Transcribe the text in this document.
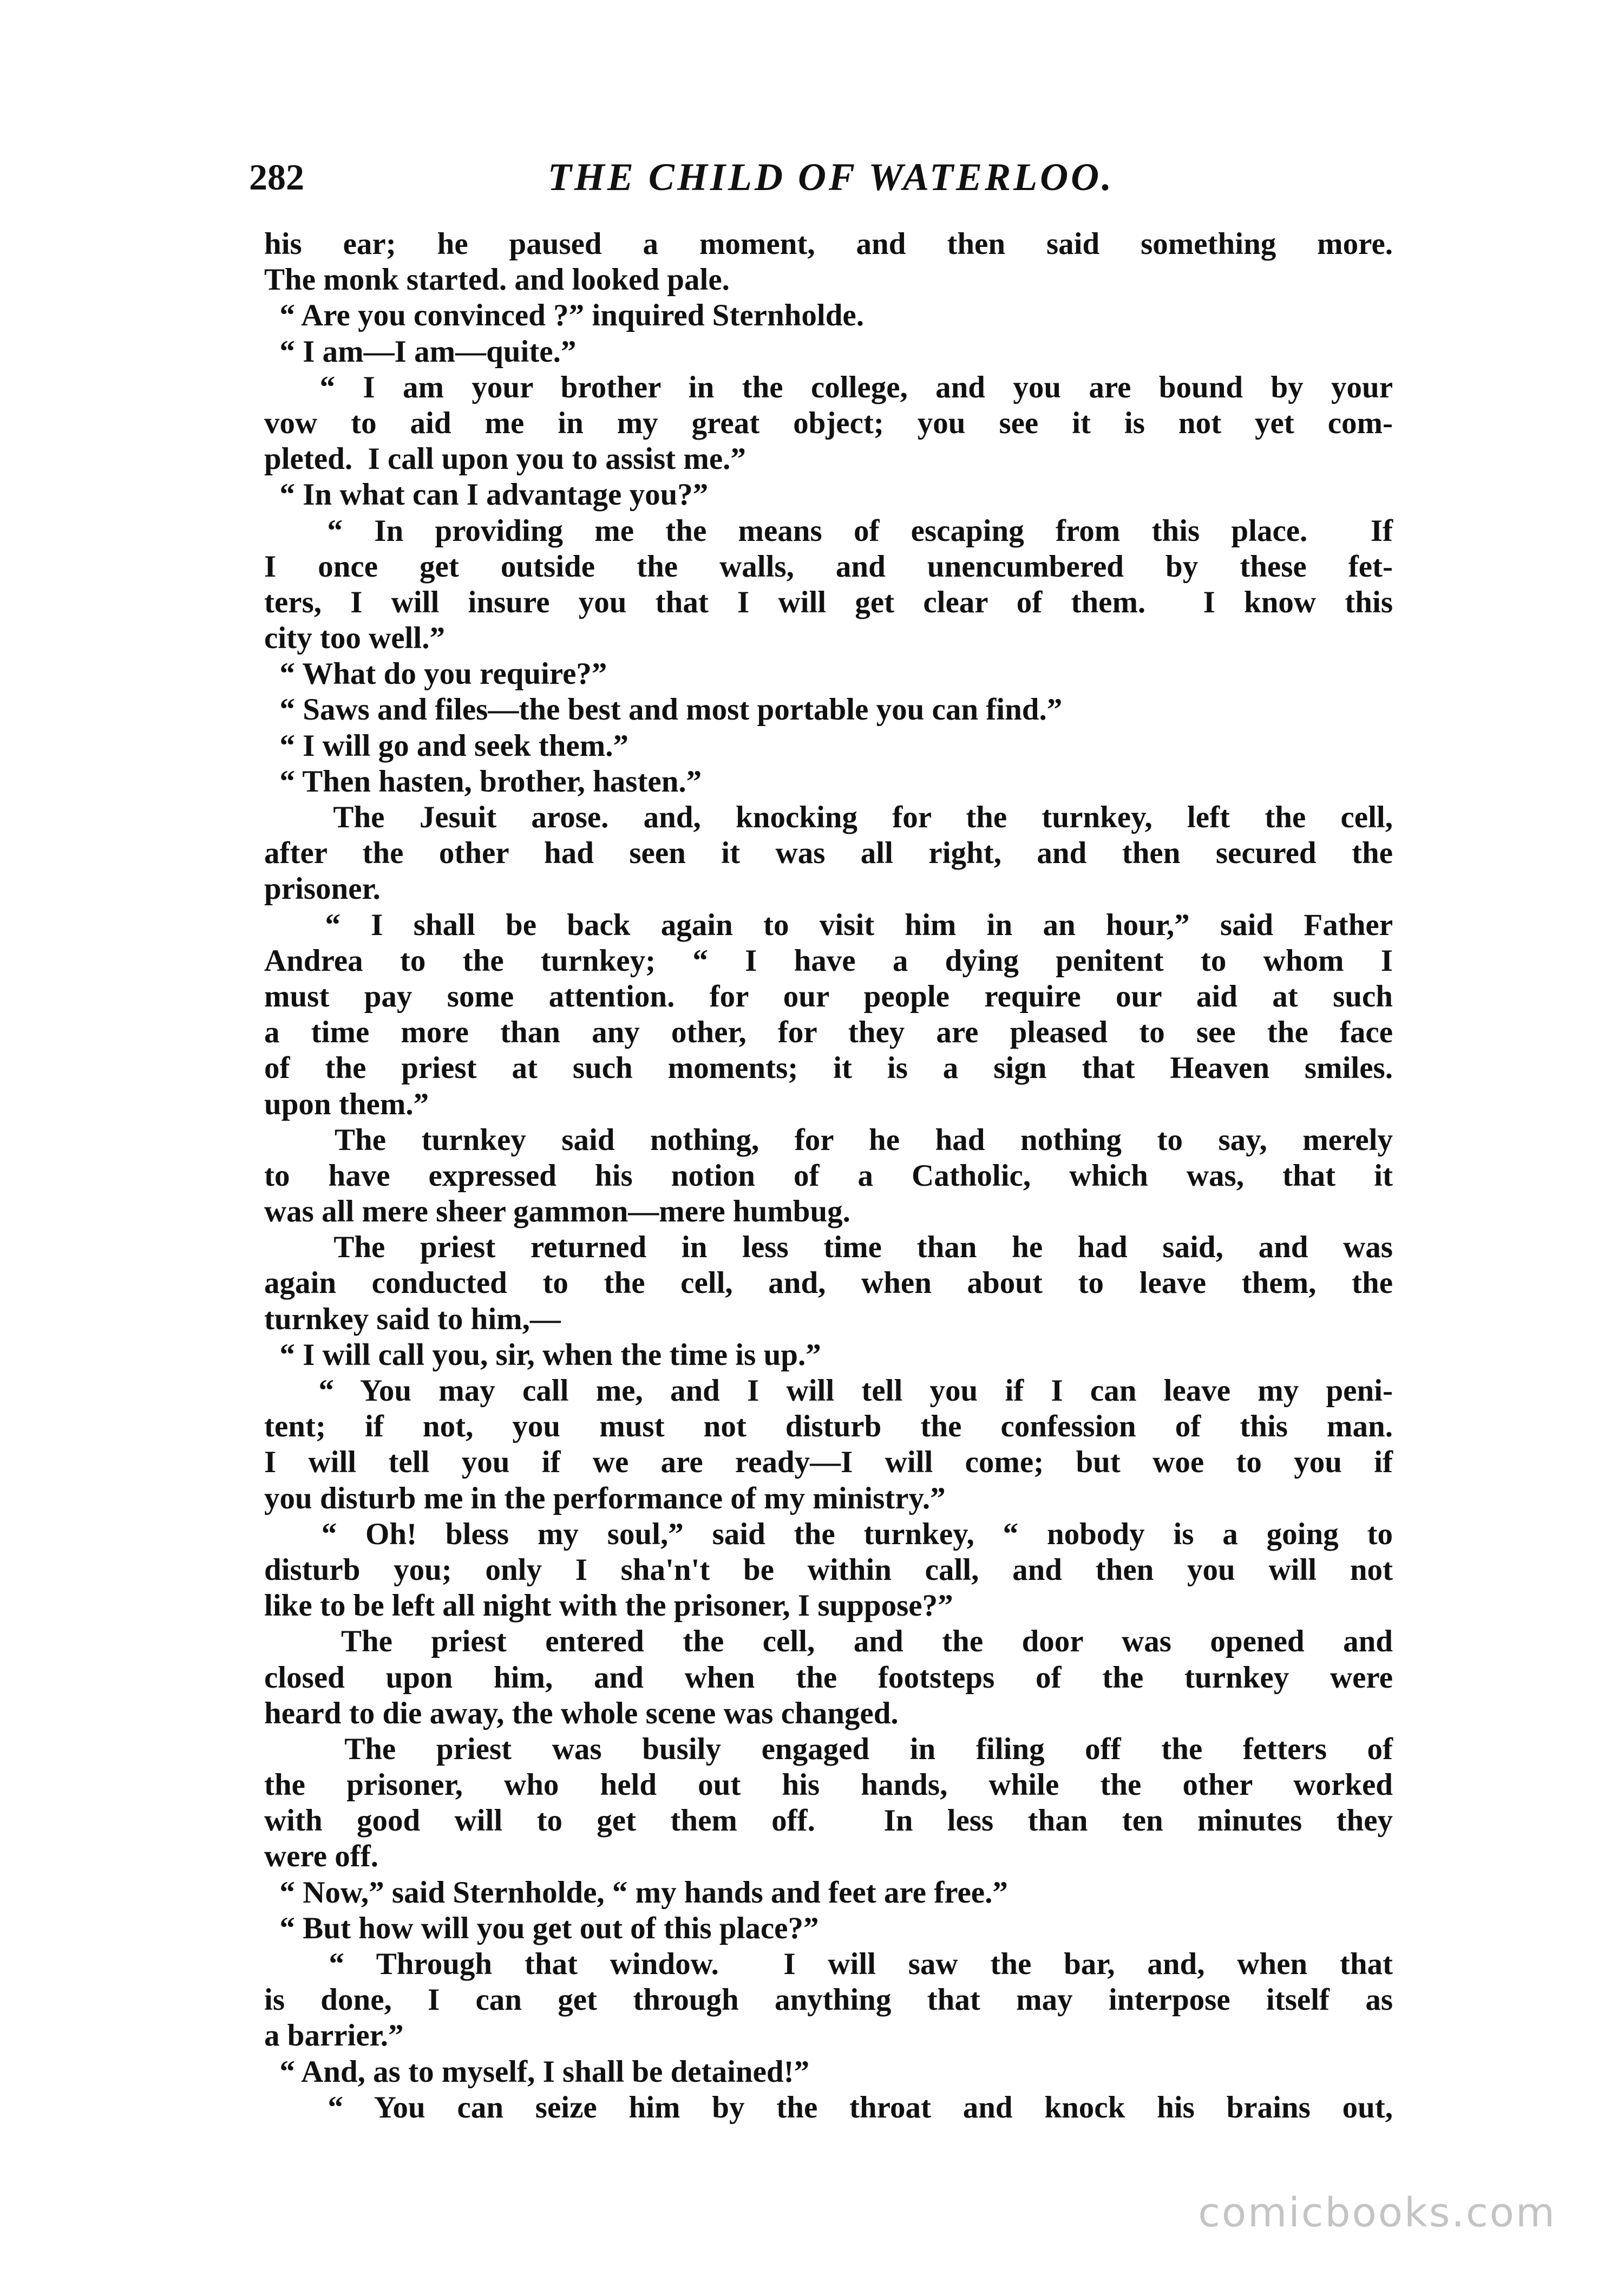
282	THE CHILD OF WATERLOO.
his ear; he paused a moment, and then said something more.
The monk started. and looked pale.
“ Are you convinced ?” inquired Sternholde.
“ I am—I am—quite.”
“ I am your brother in the college, and you are bound by your
vow to aid me in my great object; you see it is not yet com-
pleted.  I call upon you to assist me.”
“ In what can I advantage you?”
“ In providing me the means of escaping from this place.  If
I once get outside the walls, and unencumbered by these fet-
ters, I will insure you that I will get clear of them.  I know this
city too well.”
“ What do you require?”
“ Saws and files—the best and most portable you can find.”
“ I will go and seek them.”
“ Then hasten, brother, hasten.”
The Jesuit arose. and, knocking for the turnkey, left the cell,
after the other had seen it was all right, and then secured the
prisoner.
“ I shall be back again to visit him in an hour,” said Father
Andrea to the turnkey; “ I have a dying penitent to whom I
must pay some attention. for our people require our aid at such
a time more than any other, for they are pleased to see the face
of the priest at such moments; it is a sign that Heaven smiles.
upon them.”
The turnkey said nothing, for he had nothing to say, merely
to have expressed his notion of a Catholic, which was, that it
was all mere sheer gammon—mere humbug.
The priest returned in less time than he had said, and was
again conducted to the cell, and, when about to leave them, the
turnkey said to him,—
“ I will call you, sir, when the time is up.”
“ You may call me, and I will tell you if I can leave my peni-
tent; if not, you must not disturb the confession of this man.
I will tell you if we are ready—I will come; but woe to you if
you disturb me in the performance of my ministry.”
“ Oh! bless my soul,” said the turnkey, “ nobody is a going to
disturb you; only I sha'n't be within call, and then you will not
like to be left all night with the prisoner, I suppose?”
The priest entered the cell, and the door was opened and
closed upon him, and when the footsteps of the turnkey were
heard to die away, the whole scene was changed.
The priest was busily engaged in filing off the fetters of
the prisoner, who held out his hands, while the other worked
with good will to get them off.  In less than ten minutes they
were off.
“ Now,” said Sternholde, “ my hands and feet are free.”
“ But how will you get out of this place?”
“ Through that window.  I will saw the bar, and, when that
is done, I can get through anything that may interpose itself as
a barrier.”
“ And, as to myself, I shall be detained!”
“ You can seize him by the throat and knock his brains out,
comicbooks.com
